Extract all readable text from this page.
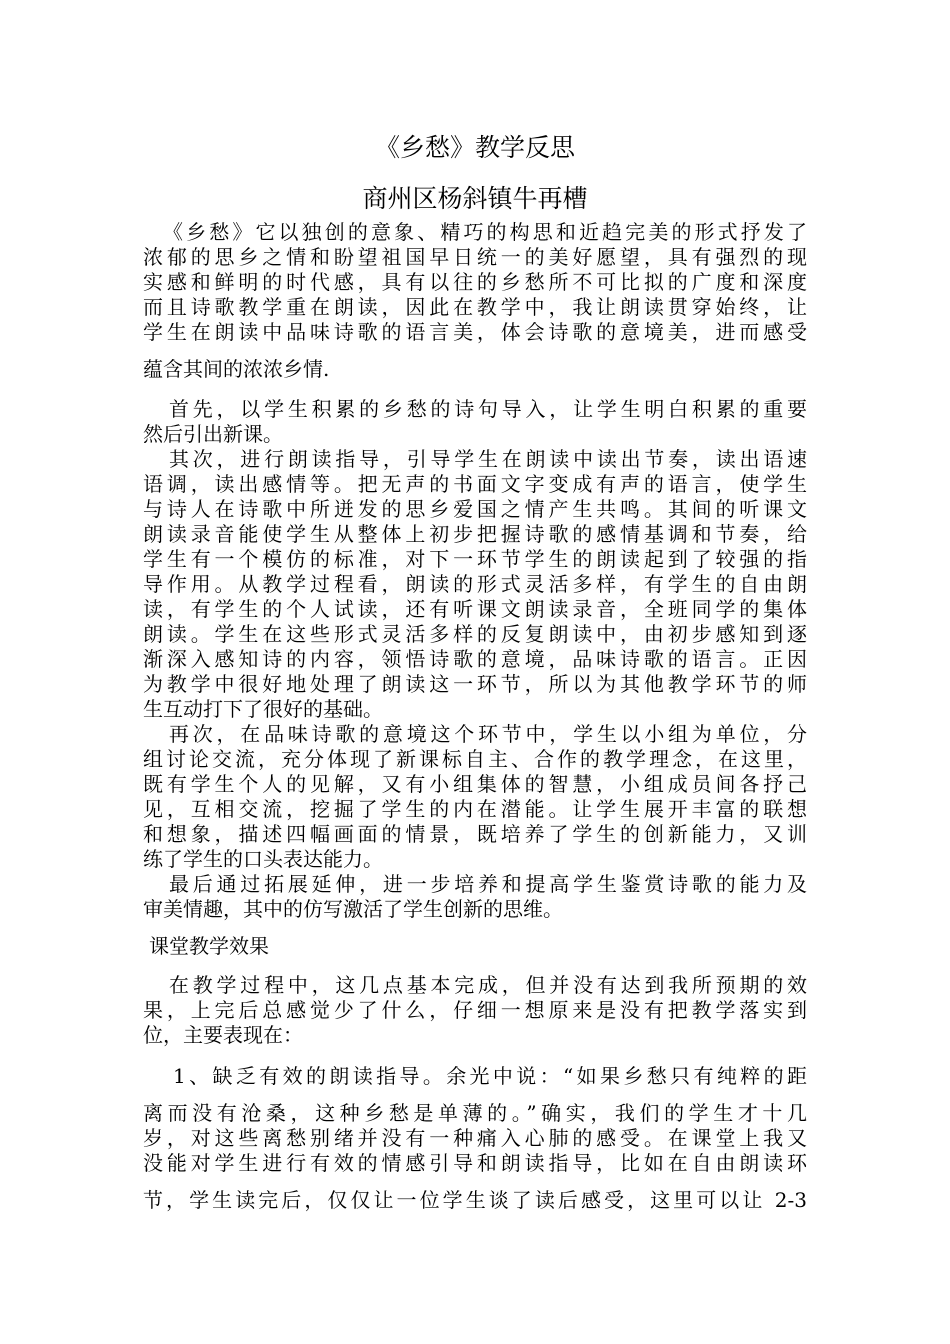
《乡愁》教学反思
商州区杨斜镇牛再槽
《乡愁》它以独创的意象、精巧的构思和近趋完美的形式抒发了
浓郁的思乡之情和盼望祖国早日统一的美好愿望，具有强烈的现
实感和鲜明的时代感，具有以往的乡愁所不可比拟的广度和深度
而且诗歌教学重在朗读，因此在教学中，我让朗读贯穿始终，让
学生在朗读中品味诗歌的语言美，体会诗歌的意境美，进而感受
蕴含其间的浓浓乡情.
首先，以学生积累的乡愁的诗句导入，让学生明白积累的重要
然后引出新课。
其次，进行朗读指导，引导学生在朗读中读出节奏，读出语速
语调，读出感情等。把无声的书面文字变成有声的语言，使学生
与诗人在诗歌中所迸发的思乡爱国之情产生共鸣。其间的听课文
朗读录音能使学生从整体上初步把握诗歌的感情基调和节奏，给
学生有一个模仿的标准，对下一环节学生的朗读起到了较强的指
导作用。从教学过程看，朗读的形式灵活多样，有学生的自由朗
读，有学生的个人试读，还有听课文朗读录音，全班同学的集体
朗读。学生在这些形式灵活多样的反复朗读中，由初步感知到逐
渐深入感知诗的内容，领悟诗歌的意境，品味诗歌的语言。正因
为教学中很好地处理了朗读这一环节，所以为其他教学环节的师
生互动打下了很好的基础。
再次，在品味诗歌的意境这个环节中，学生以小组为单位，分
组讨论交流，充分体现了新课标自主、合作的教学理念，在这里，
既有学生个人的见解，又有小组集体的智慧，小组成员间各抒己
见，互相交流，挖掘了学生的内在潜能。让学生展开丰富的联想
和想象，描述四幅画面的情景，既培养了学生的创新能力，又训
练了学生的口头表达能力。
最后通过拓展延伸，进一步培养和提高学生鉴赏诗歌的能力及
审美情趣，其中的仿写激活了学生创新的思维。
课堂教学效果
在教学过程中，这几点基本完成，但并没有达到我所预期的效
果，上完后总感觉少了什么，仔细一想原来是没有把教学落实到
位，主要表现在：
1、缺乏有效的朗读指导。余光中说：“如果乡愁只有纯粹的距
离而没有沧桑，这种乡愁是单薄的。”确实，我们的学生才十几
岁，对这些离愁别绪并没有一种痛入心肺的感受。在课堂上我又
没能对学生进行有效的情感引导和朗读指导，比如在自由朗读环
节，学生读完后，仅仅让一位学生谈了读后感受，这里可以让 2-3
